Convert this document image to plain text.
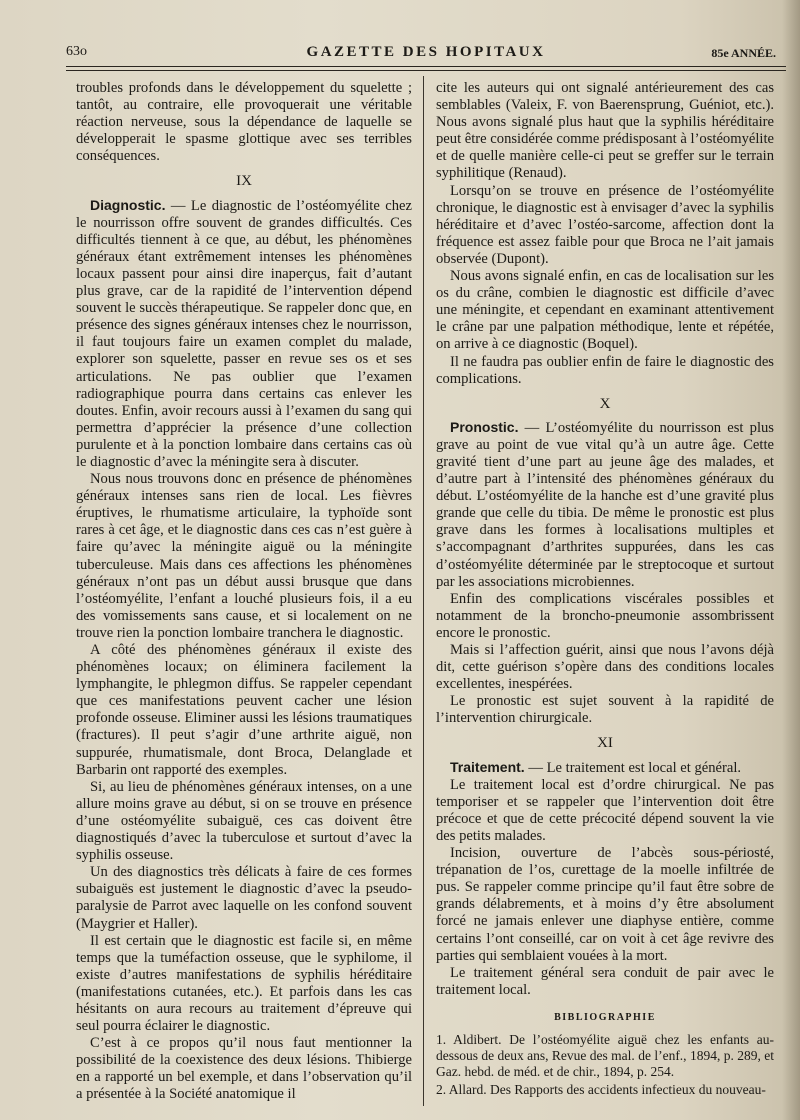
63o	GAZETTE DES HOPITAUX	85e ANNÉE.

troubles profonds dans le développement du squelette ; tantôt, au contraire, elle provoquerait une véritable réaction nerveuse, sous la dépendance de laquelle se développerait le spasme glottique avec ses terribles conséquences.

IX

Diagnostic. — Le diagnostic de l’ostéomyélite chez le nourrisson offre souvent de grandes difficultés. Ces difficultés tiennent à ce que, au début, les phénomènes généraux étant extrêmement intenses les phénomènes locaux passent pour ainsi dire inaperçus, fait d’autant plus grave, car de la rapidité de l’intervention dépend souvent le succès thérapeutique. Se rappeler donc que, en présence des signes généraux intenses chez le nourrisson, il faut toujours faire un examen complet du malade, explorer son squelette, passer en revue ses os et ses articulations. Ne pas oublier que l’examen radiographique pourra dans certains cas enlever les doutes. Enfin, avoir recours aussi à l’examen du sang qui permettra d’apprécier la présence d’une collection purulente et à la ponction lombaire dans certains cas où le diagnostic d’avec la méningite sera à discuter.

Nous nous trouvons donc en présence de phénomènes généraux intenses sans rien de local. Les fièvres éruptives, le rhumatisme articulaire, la typhoïde sont rares à cet âge, et le diagnostic dans ces cas n’est guère à faire qu’avec la méningite aiguë ou la méningite tuberculeuse. Mais dans ces affections les phénomènes généraux n’ont pas un début aussi brusque que dans l’ostéomyélite, l’enfant a louché plusieurs fois, il a eu des vomissements sans cause, et si localement on ne trouve rien la ponction lombaire tranchera le diagnostic.

A côté des phénomènes généraux il existe des phénomènes locaux; on éliminera facilement la lymphangite, le phlegmon diffus. Se rappeler cependant que ces manifestations peuvent cacher une lésion profonde osseuse. Eliminer aussi les lésions traumatiques (fractures). Il peut s’agir d’une arthrite aiguë, non suppurée, rhumatismale, dont Broca, Delanglade et Barbarin ont rapporté des exemples.

Si, au lieu de phénomènes généraux intenses, on a une allure moins grave au début, si on se trouve en présence d’une ostéomyélite subaiguë, ces cas doivent être diagnostiqués d’avec la tuberculose et surtout d’avec la syphilis osseuse.

Un des diagnostics très délicats à faire de ces formes subaiguës est justement le diagnostic d’avec la pseudo-paralysie de Parrot avec laquelle on les confond souvent (Maygrier et Haller).

Il est certain que le diagnostic est facile si, en même temps que la tuméfaction osseuse, que le syphilome, il existe d’autres manifestations de syphilis héréditaire (manifestations cutanées, etc.). Et parfois dans les cas hésitants on aura recours au traitement d’épreuve qui seul pourra éclairer le diagnostic.

C’est à ce propos qu’il nous faut mentionner la possibilité de la coexistence des deux lésions. Thibierge en a rapporté un bel exemple, et dans l’observation qu’il a présentée à la Société anatomique il

cite les auteurs qui ont signalé antérieurement des cas semblables (Valeix, F. von Baerensprung, Guéniot, etc.). Nous avons signalé plus haut que la syphilis héréditaire peut être considérée comme prédisposant à l’ostéomyélite et de quelle manière celle-ci peut se greffer sur le terrain syphilitique (Renaud).

Lorsqu’on se trouve en présence de l’ostéomyélite chronique, le diagnostic est à envisager d’avec la syphilis héréditaire et d’avec l’ostéo-sarcome, affection dont la fréquence est assez faible pour que Broca ne l’ait jamais observée (Dupont).

Nous avons signalé enfin, en cas de localisation sur les os du crâne, combien le diagnostic est difficile d’avec une méningite, et cependant en examinant attentivement le crâne par une palpation méthodique, lente et répétée, on arrive à ce diagnostic (Boquel).

Il ne faudra pas oublier enfin de faire le diagnostic des complications.

X

Pronostic. — L’ostéomyélite du nourrisson est plus grave au point de vue vital qu’à un autre âge. Cette gravité tient d’une part au jeune âge des malades, et d’autre part à l’intensité des phénomènes généraux du début. L’ostéomyélite de la hanche est d’une gravité plus grande que celle du tibia. De même le pronostic est plus grave dans les formes à localisations multiples et s’accompagnant d’arthrites suppurées, dans les cas d’ostéomyélite déterminée par le streptocoque et surtout par les associations microbiennes.

Enfin des complications viscérales possibles et notamment de la broncho-pneumonie assombrissent encore le pronostic.

Mais si l’affection guérit, ainsi que nous l’avons déjà dit, cette guérison s’opère dans des conditions locales excellentes, inespérées.

Le pronostic est sujet souvent à la rapidité de l’intervention chirurgicale.

XI

Traitement. — Le traitement est local et général.

Le traitement local est d’ordre chirurgical. Ne pas temporiser et se rappeler que l’intervention doit être précoce et que de cette précocité dépend souvent la vie des petits malades.

Incision, ouverture de l’abcès sous-périosté, trépanation de l’os, curettage de la moelle infiltrée de pus. Se rappeler comme principe qu’il faut être sobre de grands délabrements, et à moins d’y être absolument forcé ne jamais enlever une diaphyse entière, comme certains l’ont conseillé, car on voit à cet âge revivre des parties qui semblaient vouées à la mort.

Le traitement général sera conduit de pair avec le traitement local.

BIBLIOGRAPHIE

1. Aldibert. De l’ostéomyélite aiguë chez les enfants au-dessous de deux ans, Revue des mal. de l’enf., 1894, p. 289, et Gaz. hebd. de méd. et de chir., 1894, p. 254.

2. Allard. Des Rapports des accidents infectieux du nouveau-
